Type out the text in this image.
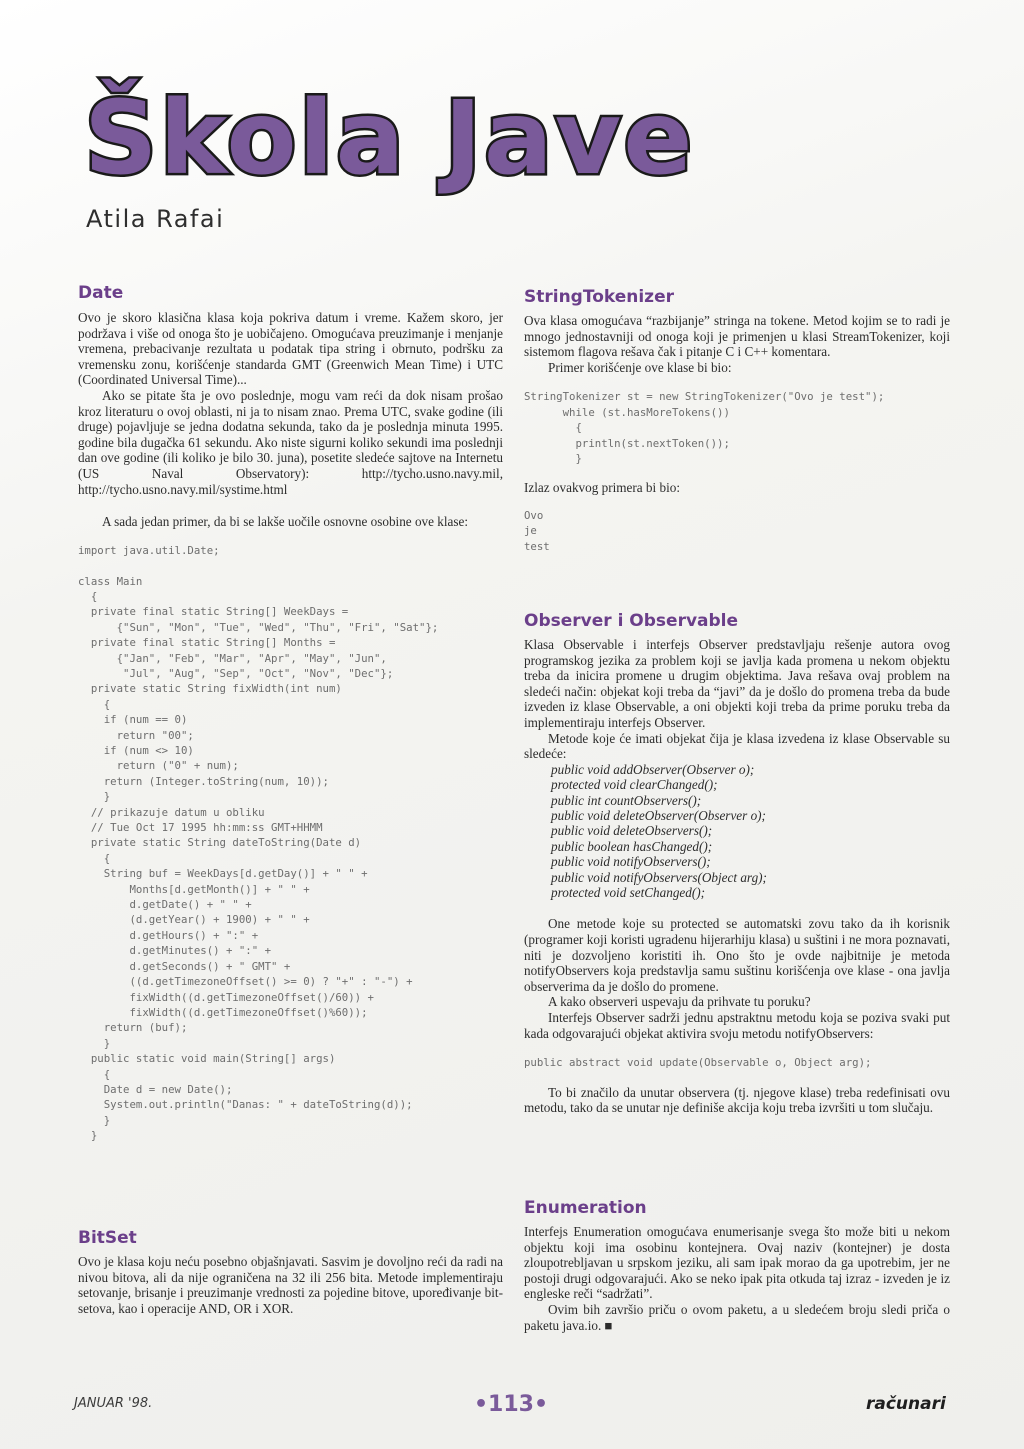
Škola Jave
Atila Rafai
Date

Ovo je skoro klasična klasa koja pokriva datum i vreme. Kažem skoro, jer podržava i više od onoga što je uobičajeno. Omogućava preuzimanje i menjanje vremena, prebacivanje rezultata u podatak tipa string i obrnuto, podršku za vremensku zonu, korišćenje standarda GMT (Greenwich Mean Time) i UTC (Coordinated Universal Time)...

Ako se pitate šta je ovo poslednje, mogu vam reći da dok nisam prošao kroz literaturu o ovoj oblasti, ni ja to nisam znao. Prema UTC, svake godine (ili druge) pojavljuje se jedna dodatna sekunda, tako da je poslednja minuta 1995. godine bila dugačka 61 sekundu. Ako niste sigurni koliko sekundi ima poslednji dan ove godine (ili koliko je bilo 30. juna), posetite sledeće sajtove na Internetu (US Naval Observatory): http://tycho.usno.navy.mil, http://tycho.usno.navy.mil/systime.html

A sada jedan primer, da bi se lakše uočile osnovne osobine ove klase:

import java.util.Date;

class Main
{
private final static String[] WeekDays =
{"Sun", "Mon", "Tue", "Wed", "Thu", "Fri", "Sat"};
private final static String[] Months =
{"Jan", "Feb", "Mar", "Apr", "May", "Jun",
"Jul", "Aug", "Sep", "Oct", "Nov", "Dec"};
private static String fixWidth(int num)
{
if (num == 0)
return "00";
if (num <> 10)
return ("0" + num);
return (Integer.toString(num, 10));
}
// prikazuje datum u obliku
// Tue Oct 17 1995 hh:mm:ss GMT+HHMM
private static String dateToString(Date d)
{
String buf = WeekDays[d.getDay()] + " " +
Months[d.getMonth()] + " " +
d.getDate() + " " +
(d.getYear() + 1900) + " " +
d.getHours() + ":" +
d.getMinutes() + ":" +
d.getSeconds() + " GMT" +
((d.getTimezoneOffset() >= 0) ? "+" : "-") +
fixWidth((d.getTimezoneOffset()/60)) +
fixWidth((d.getTimezoneOffset()%60));
return (buf);
}
public static void main(String[] args)
{
Date d = new Date();
System.out.println("Danas: " + dateToString(d));
}
}
BitSet

Ovo je klasa koju neću posebno objašnjavati. Sasvim je dovoljno reći da radi na nivou bitova, ali da nije ograničena na 32 ili 256 bita. Metode implementiraju setovanje, brisanje i preuzimanje vrednosti za pojedine bitove, upoređivanje bit-setova, kao i operacije AND, OR i XOR.

StringTokenizer

Ova klasa omogućava “razbijanje” stringa na tokene. Metod kojim se to radi je mnogo jednostavniji od onoga koji je primenjen u klasi StreamTokenizer, koji sistemom flagova rešava čak i pitanje C i C++ komentara.

Primer korišćenje ove klase bi bio:

StringTokenizer st = new StringTokenizer("Ovo je test");
while (st.hasMoreTokens())
{
println(st.nextToken());
}

Izlaz ovakvog primera bi bio:

Ovo
je
test
Observer i Observable

Klasa Observable i interfejs Observer predstavljaju rešenje autora ovog programskog jezika za problem koji se javlja kada promena u nekom objektu treba da inicira promene u drugim objektima. Java rešava ovaj problem na sledeći način: objekat koji treba da “javi” da je došlo do promena treba da bude izveden iz klase Observable, a oni objekti koji treba da prime poruku treba da implementiraju interfejs Observer.

Metode koje će imati objekat čija je klasa izvedena iz klase Observable su sledeće:

public void addObserver(Observer o);
protected void clearChanged();
public int countObservers();
public void deleteObserver(Observer o);
public void deleteObservers();
public boolean hasChanged();
public void notifyObservers();
public void notifyObservers(Object arg);
protected void setChanged();

One metode koje su protected se automatski zovu tako da ih korisnik (programer koji koristi ugradenu hijerarhiju klasa) u suštini i ne mora poznavati, niti je dozvoljeno koristiti ih. Ono što je ovde najbitnije je metoda notifyObservers koja predstavlja samu suštinu korišćenja ove klase - ona javlja observerima da je došlo do promene.

A kako observeri uspevaju da prihvate tu poruku?

Interfejs Observer sadrži jednu apstraktnu metodu koja se poziva svaki put kada odgovarajući objekat aktivira svoju metodu notifyObservers:

public abstract void update(Observable o, Object arg);

To bi značilo da unutar observera (tj. njegove klase) treba redefinisati ovu metodu, tako da se unutar nje definiše akcija koju treba izvršiti u tom slučaju.

Enumeration

Interfejs Enumeration omogućava enumerisanje svega što može biti u nekom objektu koji ima osobinu kontejnera. Ovaj naziv (kontejner) je dosta zloupotrebljavan u srpskom jeziku, ali sam ipak morao da ga upotrebim, jer ne postoji drugi odgovarajući. Ako se neko ipak pita otkuda taj izraz - izveden je iz engleske reči “sadržati”.

Ovim bih završio priču o ovom paketu, a u sledećem broju sledi priča o paketu java.io. ■

JANUAR '98.	•113•	računari
